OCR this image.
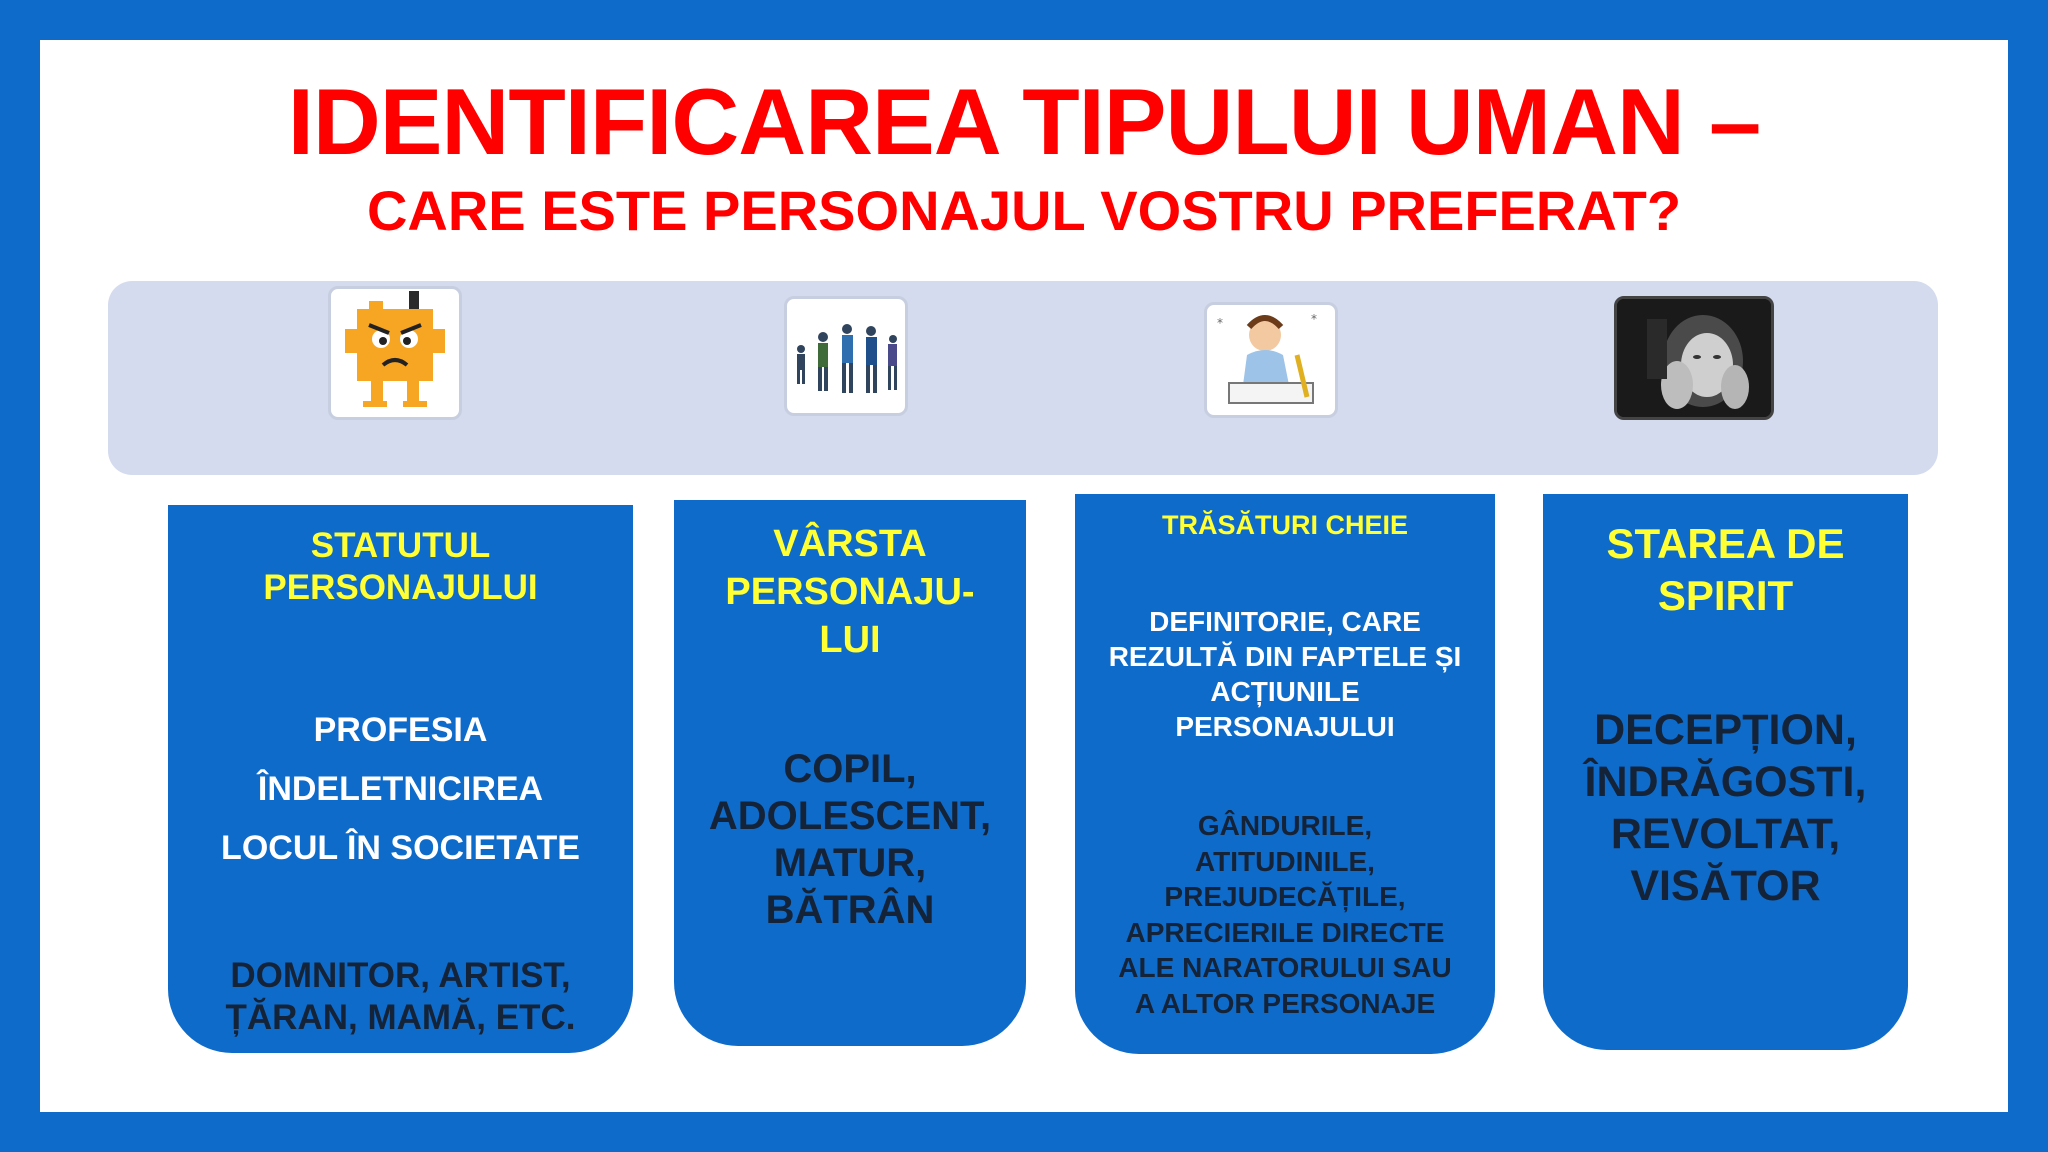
IDENTIFICAREA TIPULUI UMAN –
CARE ESTE PERSONAJUL VOSTRU PREFERAT?
*	*
STATUTUL
PERSONAJULUI
PROFESIA
ÎNDELETNICIREA
LOCUL ÎN SOCIETATE
DOMNITOR, ARTIST,
ȚĂRAN, MAMĂ, ETC.
VÂRSTA
PERSONAJU-
LUI
COPIL,
ADOLESCENT,
MATUR,
BĂTRÂN
TRĂSĂTURI CHEIE
DEFINITORIE, CARE
REZULTĂ DIN FAPTELE ȘI
ACȚIUNILE
PERSONAJULUI
GÂNDURILE,
ATITUDINILE,
PREJUDECĂȚILE,
APRECIERILE DIRECTE
ALE NARATORULUI SAU
A ALTOR PERSONAJE
STAREA DE
SPIRIT
DECEPȚION,
ÎNDRĂGOSTI,
REVOLTAT,
VISĂTOR
